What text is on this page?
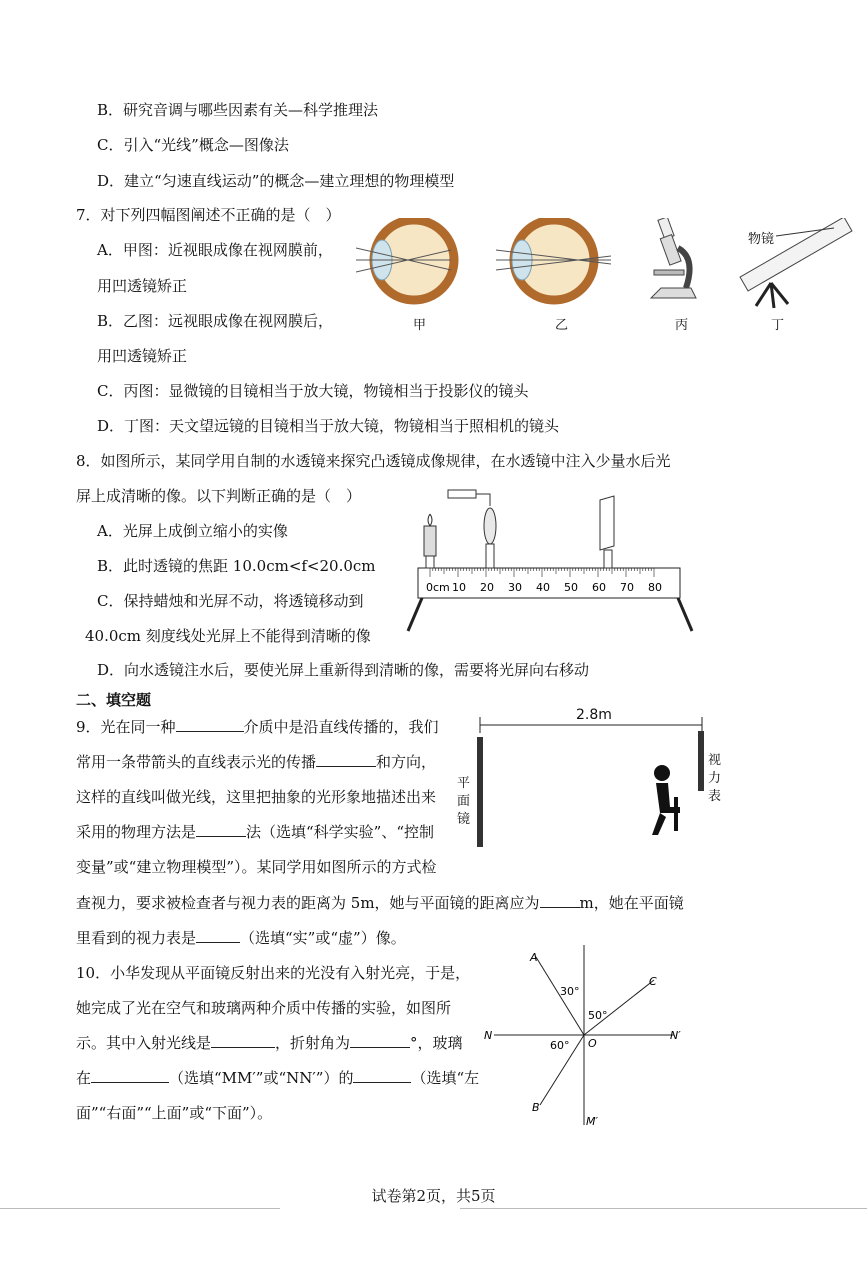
B．研究音调与哪些因素有关—科学推理法
C．引入“光线”概念—图像法
D．建立“匀速直线运动”的概念—建立理想的物理模型
7．对下列四幅图阐述不正确的是（　）
A．甲图：近视眼成像在视网膜前，
用凹透镜矫正
B．乙图：远视眼成像在视网膜后，
用凹透镜矫正
C．丙图：显微镜的目镜相当于放大镜，物镜相当于投影仪的镜头
D．丁图：天文望远镜的目镜相当于放大镜，物镜相当于照相机的镜头
物镜
甲	乙	丙	丁
8．如图所示，某同学用自制的水透镜来探究凸透镜成像规律，在水透镜中注入少量水后光
屏上成清晰的像。以下判断正确的是（　）
A．光屏上成倒立缩小的实像
B．此时透镜的焦距 10.0cm<f<20.0cm
C．保持蜡烛和光屏不动，将透镜移动到
40.0cm 刻度线处光屏上不能得到清晰的像
D．向水透镜注水后，要使光屏上重新得到清晰的像，需要将光屏向右移动
0cm 10 20 30 40 50 60 70 80
二、填空题
9．光在同一种	介质中是沿直线传播的，我们
常用一条带箭头的直线表示光的传播	和方向，
这样的直线叫做光线，这里把抽象的光形象地描述出来
采用的物理方法是	法（选填“科学实验”、“控制
变量”或“建立物理模型”）。某同学用如图所示的方式检
查视力，要求被检查者与视力表的距离为 5m，她与平面镜的距离应为	m，她在平面镜
里看到的视力表是	（选填“实”或“虚”）像。
2.8m
平面镜
视力表
10．小华发现从平面镜反射出来的光没有入射光亮，于是，
她完成了光在空气和玻璃两种介质中传播的实验，如图所
示。其中入射光线是	，折射角为	°，玻璃
在	（选填“MM′”或“NN′”）的	（选填“左
面”“右面”“上面”或“下面”）。
A
C
N	N′
O
B
M′
30°
50°
60°
试卷第2页，共5页
